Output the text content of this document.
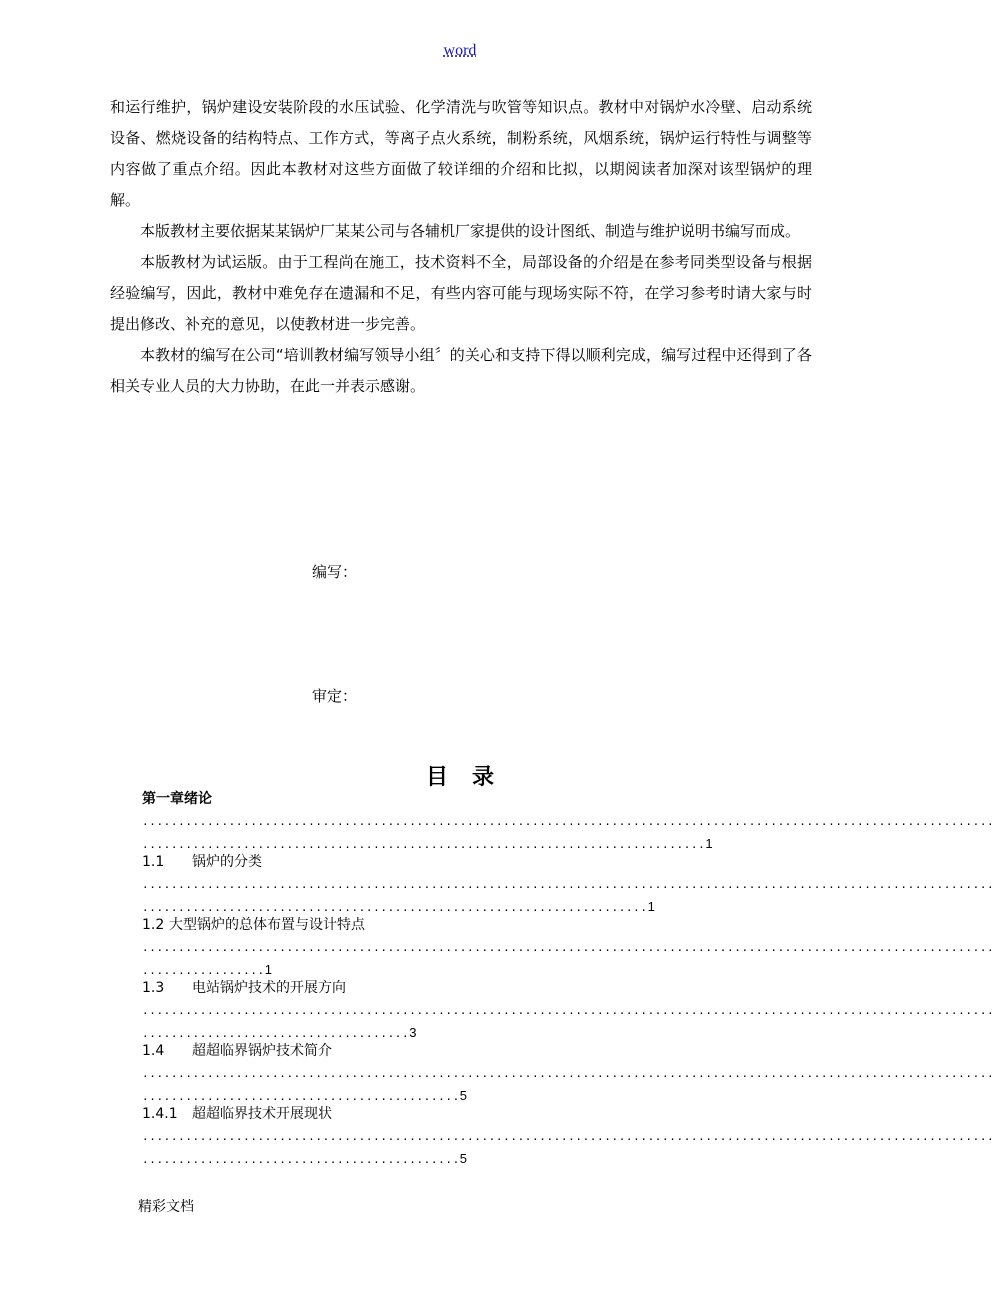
word

和运行维护，锅炉建设安装阶段的水压试验、化学清洗与吹管等知识点。教材中对锅炉水冷壁、启动系统设备、燃烧设备的结构特点、工作方式，等离子点火系统，制粉系统，风烟系统，锅炉运行特性与调整等内容做了重点介绍。因此本教材对这些方面做了较详细的介绍和比拟，以期阅读者加深对该型锅炉的理解。

本版教材主要依据某某锅炉厂某某公司与各辅机厂家提供的设计图纸、制造与维护说明书编写而成。

本版教材为试运版。由于工程尚在施工，技术资料不全，局部设备的介绍是在参考同类型设备与根据经验编写，因此，教材中难免存在遗漏和不足，有些内容可能与现场实际不符，在学习参考时请大家与时提出修改、补充的意见，以使教材进一步完善。

本教材的编写在公司“培训教材编写领导小组〞的关心和支持下得以顺利完成，编写过程中还得到了各相关专业人员的大力协助，在此一并表示感谢。

编写：
审定：
目录
第一章绪论
......................................................................................................................
..............................................................................1
1.1 锅炉的分类
......................................................................................................................
......................................................................1
1.2 大型锅炉的总体布置与设计特点
......................................................................................................................
.................1
1.3 电站锅炉技术的开展方向
......................................................................................................................
.....................................3
1.4 超超临界锅炉技术简介
......................................................................................................................
............................................5
1.4.1 超超临界技术开展现状
......................................................................................................................
............................................5
精彩文档
